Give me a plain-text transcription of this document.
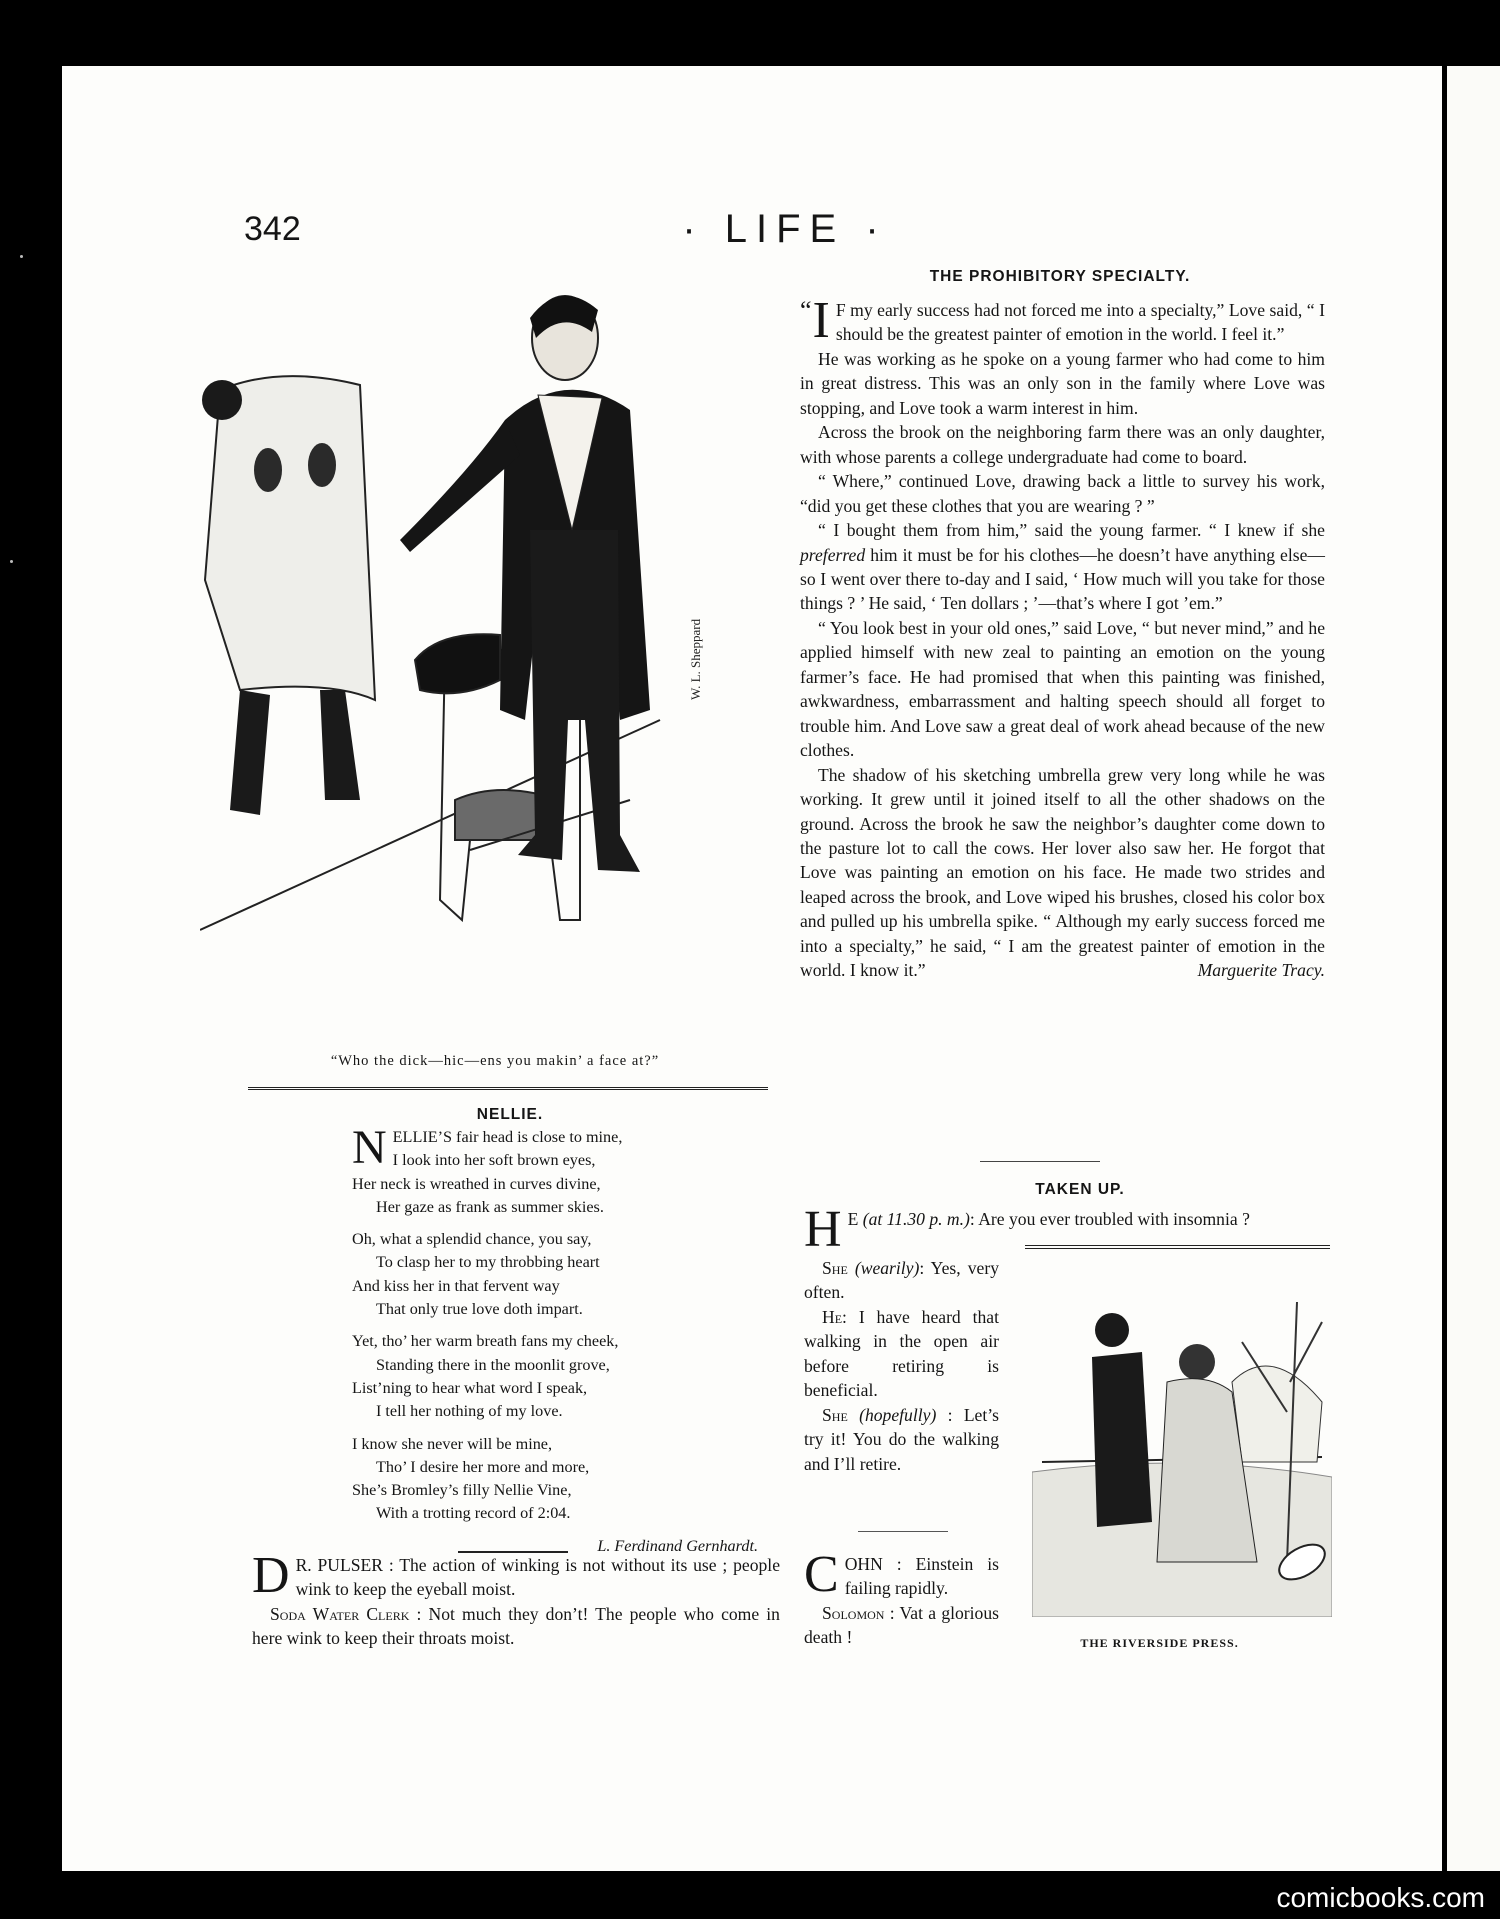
342	· LIFE ·
W. L. Sheppard
“Who the dick—hic—ens you makin’ a face at?”
THE PROHIBITORY SPECIALTY.

“ I F my early success had not forced me into a specialty,” Love said, “ I should be the greatest painter of emotion in the world. I feel it.”

He was working as he spoke on a young farmer who had come to him in great distress. This was an only son in the family where Love was stopping, and Love took a warm interest in him.

Across the brook on the neighboring farm there was an only daughter, with whose parents a college undergraduate had come to board.

“ Where,” continued Love, drawing back a little to survey his work, “did you get these clothes that you are wearing ? ”

“ I bought them from him,” said the young farmer. “ I knew if she preferred him it must be for his clothes—he doesn’t have anything else—so I went over there to-day and I said, ‘ How much will you take for those things ? ’ He said, ‘ Ten dollars ; ’—that’s where I got ’em.”

“ You look best in your old ones,” said Love, “ but never mind,” and he applied himself with new zeal to painting an emotion on the young farmer’s face. He had promised that when this painting was finished, awkwardness, embarrassment and halting speech should all forget to trouble him. And Love saw a great deal of work ahead because of the new clothes.

The shadow of his sketching umbrella grew very long while he was working. It grew until it joined itself to all the other shadows on the ground. Across the brook he saw the neighbor’s daughter come down to the pasture lot to call the cows. Her lover also saw her. He forgot that Love was painting an emotion on his face. He made two strides and leaped across the brook, and Love wiped his brushes, closed his color box and pulled up his umbrella spike. “ Although my early success forced me into a specialty,” he said, “ I am the greatest painter of emotion in the world. I know it.”	Marguerite Tracy.
NELLIE.
N ELLIE’S fair head is close to mine,
I look into her soft brown eyes,
Her neck is wreathed in curves divine,
Her gaze as frank as summer skies.
Oh, what a splendid chance, you say,
To clasp her to my throbbing heart
And kiss her in that fervent way
That only true love doth impart.
Yet, tho’ her warm breath fans my cheek,
Standing there in the moonlit grove,
List’ning to hear what word I speak,
I tell her nothing of my love.
I know she never will be mine,
Tho’ I desire her more and more,
She’s Bromley’s filly Nellie Vine,
With a trotting record of 2:04.
L. Ferdinand Gernhardt.

D R. PULSER : The action of winking is not without its use ; people wink to keep the eyeball moist.

Soda Water Clerk : Not much they don’t! The people who come in here wink to keep their throats moist.

TAKEN UP.

H E (at 11.30 p. m.): Are you ever troubled with insomnia ?

She (wearily): Yes, very often.

He: I have heard that walking in the open air before retiring is beneficial.

She (hopefully) : Let’s try it! You do the walking and I’ll retire.

THE RIVERSIDE PRESS.

COHN : Einstein is failing rapidly.

Solomon : Vat a glorious death !

comicbooks.com
